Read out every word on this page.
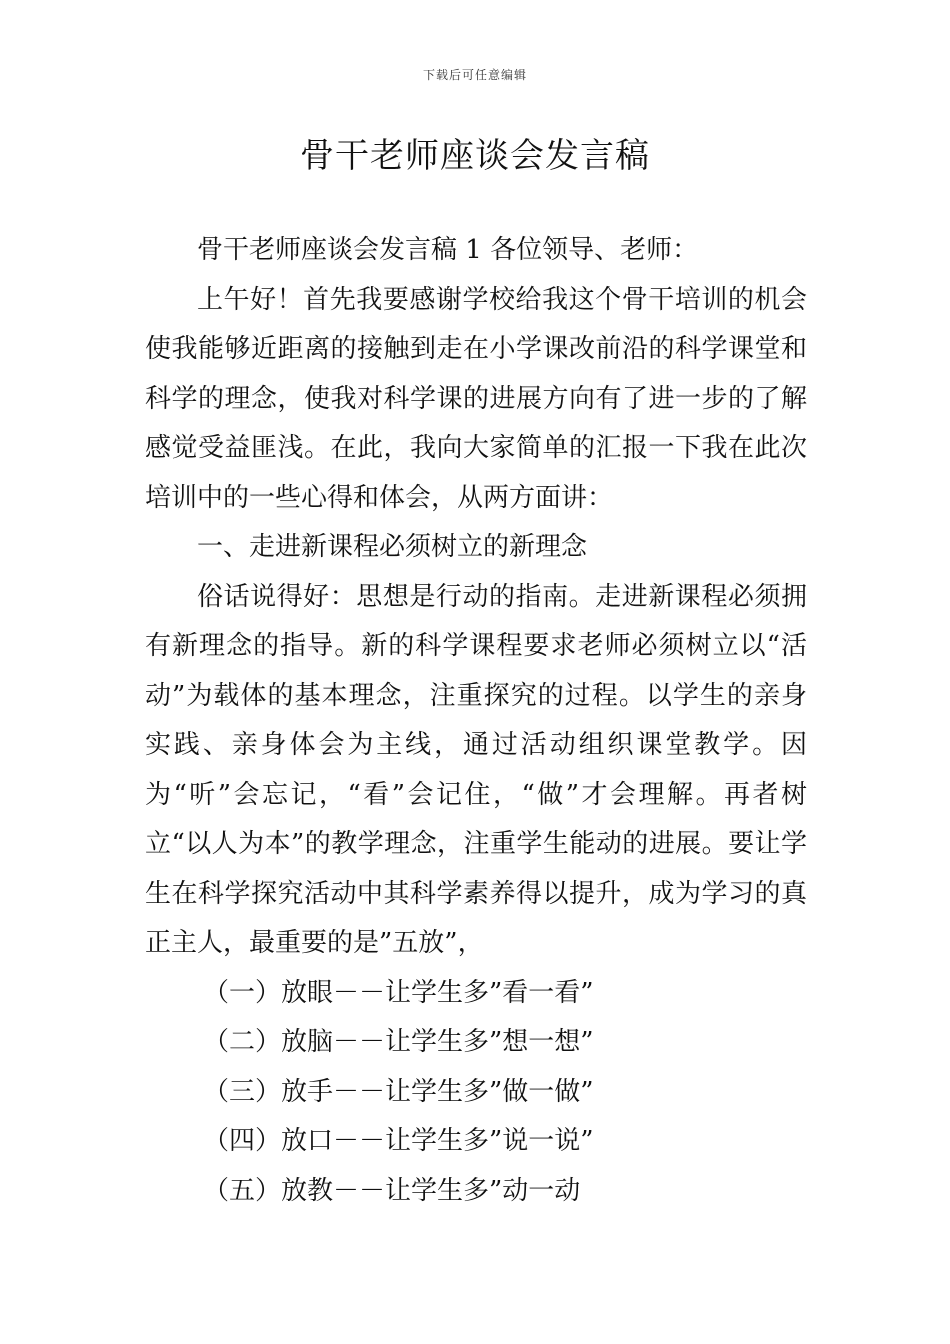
下载后可任意编辑
骨干老师座谈会发言稿

骨干老师座谈会发言稿 1 各位领导、老师：

上午好！首先我要感谢学校给我这个骨干培训的机会使我能够近距离的接触到走在小学课改前沿的科学课堂和科学的理念，使我对科学课的进展方向有了进一步的了解感觉受益匪浅。在此，我向大家简单的汇报一下我在此次培训中的一些心得和体会，从两方面讲：

一、走进新课程必须树立的新理念

俗话说得好：思想是行动的指南。走进新课程必须拥有新理念的指导。新的科学课程要求老师必须树立以“活动”为载体的基本理念，注重探究的过程。以学生的亲身实践、亲身体会为主线，通过活动组织课堂教学。因为“听”会忘记，“看”会记住，“做”才会理解。再者树立“以人为本”的教学理念，注重学生能动的进展。要让学生在科学探究活动中其科学素养得以提升，成为学习的真正主人，最重要的是”五放”，

（一）放眼－－让学生多”看一看”

（二）放脑－－让学生多”想一想”

（三）放手－－让学生多”做一做”

（四）放口－－让学生多”说一说”

（五）放教－－让学生多”动一动
